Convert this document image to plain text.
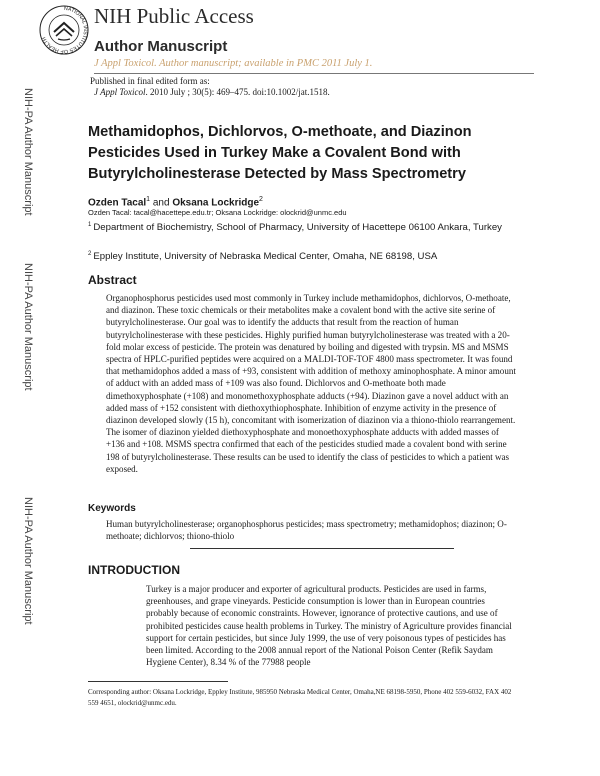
NATIONAL INSTITUTES OF HEALTH
NIH Public Access
Author Manuscript
J Appl Toxicol. Author manuscript; available in PMC 2011 July 1.
Published in final edited form as:
J Appl Toxicol. 2010 July ; 30(5): 469–475. doi:10.1002/jat.1518.
NIH-PA Author Manuscript
NIH-PA Author Manuscript
NIH-PA Author Manuscript
Methamidophos, Dichlorvos, O-methoate, and Diazinon Pesticides Used in Turkey Make a Covalent Bond with Butyrylcholinesterase Detected by Mass Spectrometry
Ozden Tacal$^1$ and Oksana Lockridge$^2$
Ozden Tacal: tacal@hacettepe.edu.tr; Oksana Lockridge: olockrid@unmc.edu
$^1$ Department of Biochemistry, School of Pharmacy, University of Hacettepe 06100 Ankara, Turkey
$^2$ Eppley Institute, University of Nebraska Medical Center, Omaha, NE 68198, USA
Abstract
Organophosphorus pesticides used most commonly in Turkey include methamidophos, dichlorvos, O-methoate, and diazinon. These toxic chemicals or their metabolites make a covalent bond with the active site serine of butyrylcholinesterase. Our goal was to identify the adducts that result from the reaction of human butyrylcholinesterase with these pesticides. Highly purified human butyrylcholinesterase was treated with a 20-fold molar excess of pesticide. The protein was denatured by boiling and digested with trypsin. MS and MSMS spectra of HPLC-purified peptides were acquired on a MALDI-TOF-TOF 4800 mass spectrometer. It was found that methamidophos added a mass of +93, consistent with addition of methoxy aminophosphate. A minor amount of adduct with an added mass of +109 was also found. Dichlorvos and O-methoate both made dimethoxyphosphate (+108) and monomethoxyphosphate adducts (+94). Diazinon gave a novel adduct with an added mass of +152 consistent with diethoxythiophosphate. Inhibition of enzyme activity in the presence of diazinon developed slowly (15 h), concomitant with isomerization of diazinon via a thiono-thiolo rearrangement. The isomer of diazinon yielded diethoxyphosphate and monoethoxyphosphate adducts with added masses of +136 and +108. MSMS spectra confirmed that each of the pesticides studied made a covalent bond with serine 198 of butyrylcholinesterase. These results can be used to identify the class of pesticides to which a patient was exposed.
Keywords
Human butyrylcholinesterase; organophosphorus pesticides; mass spectrometry; methamidophos; diazinon; O-methoate; dichlorvos; thiono-thiolo
INTRODUCTION
Turkey is a major producer and exporter of agricultural products. Pesticides are used in farms, greenhouses, and grape vineyards. Pesticide consumption is lower than in European countries probably because of economic constraints. However, ignorance of protective cautions, and use of prohibited pesticides cause health problems in Turkey. The ministry of Agriculture provides financial support for certain pesticides, but since July 1999, the use of very poisonous types of pesticides has been limited. According to the 2008 annual report of the National Poison Center (Refik Saydam Hygiene Center), 8.34 % of the 77988 people
Corresponding author: Oksana Lockridge, Eppley Institute, 985950 Nebraska Medical Center, Omaha,NE 68198-5950, Phone 402 559-6032, FAX 402 559 4651, olockrid@unmc.edu.
